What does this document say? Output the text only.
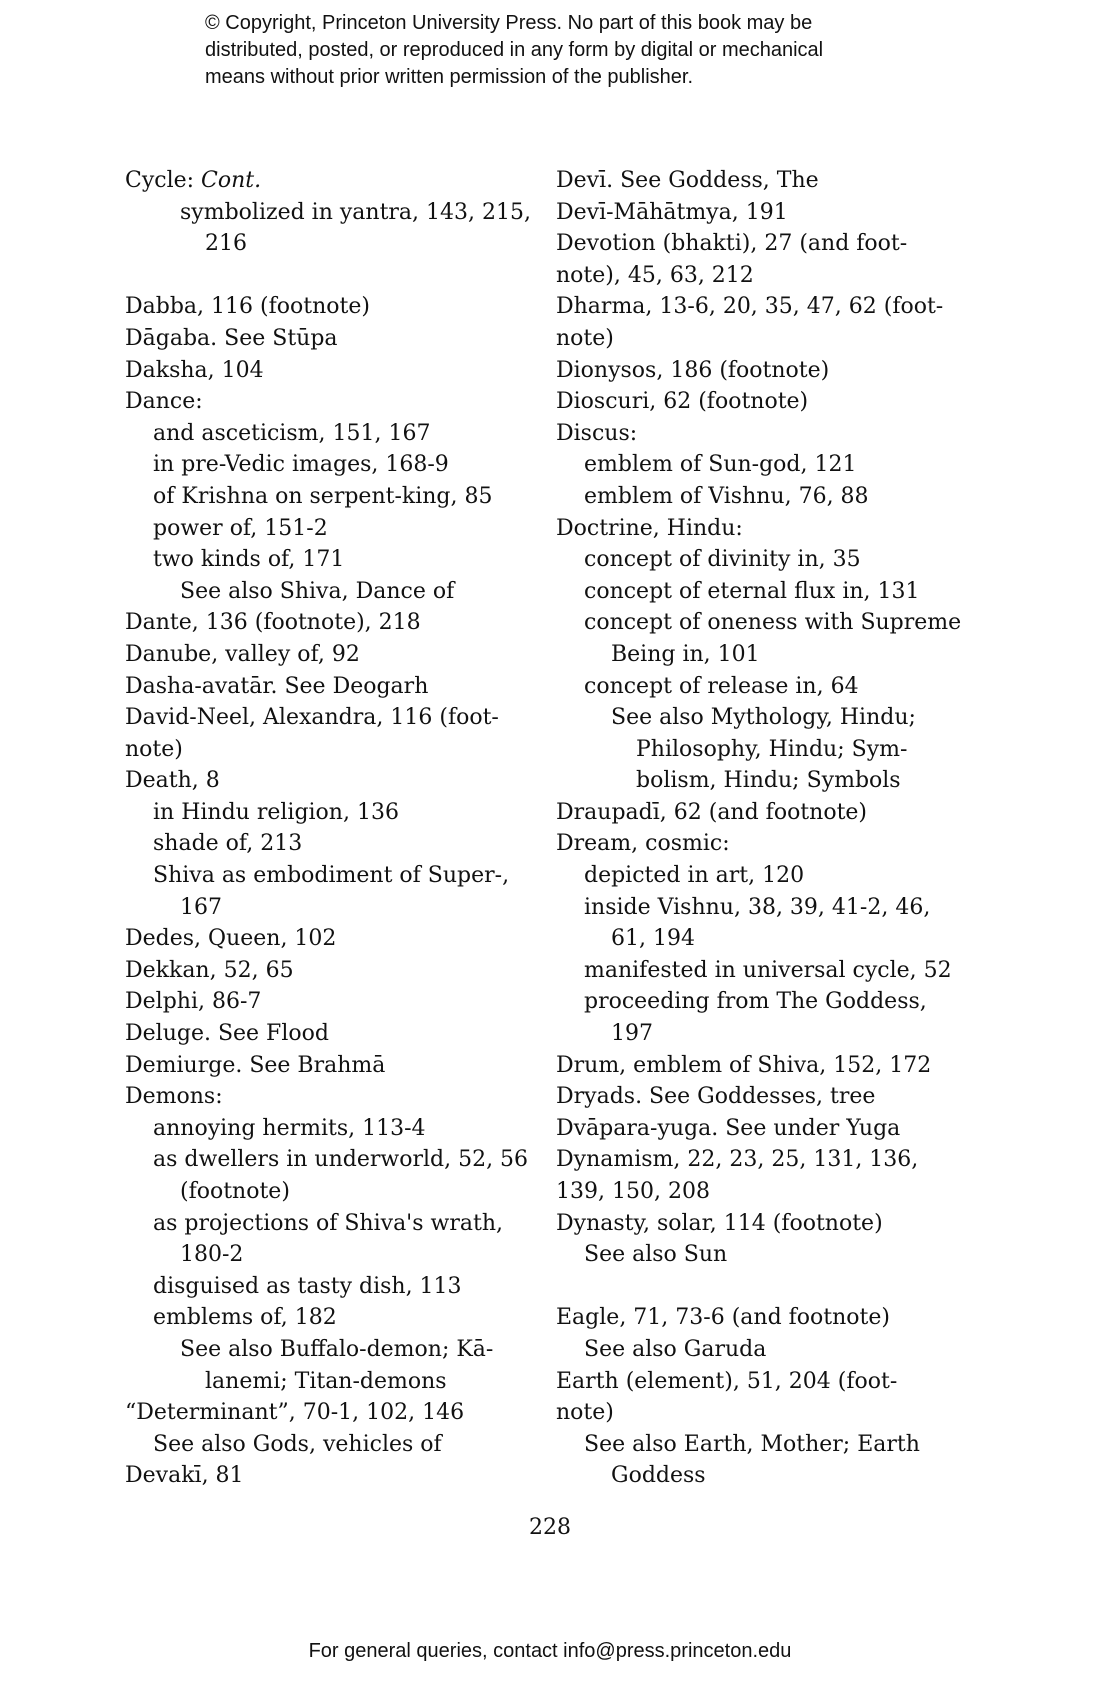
© Copyright, Princeton University Press. No part of this book may be
distributed, posted, or reproduced in any form by digital or mechanical
means without prior written permission of the publisher.
Cycle: Cont.
symbolized in yantra, 143, 215,
216
Dabba, 116 (footnote)
Dāgaba. See Stūpa
Daksha, 104
Dance:
and asceticism, 151, 167
in pre-Vedic images, 168-9
of Krishna on serpent-king, 85
power of, 151-2
two kinds of, 171
See also Shiva, Dance of
Dante, 136 (footnote), 218
Danube, valley of, 92
Dasha-avatār. See Deogarh
David-Neel, Alexandra, 116 (foot-
note)
Death, 8
in Hindu religion, 136
shade of, 213
Shiva as embodiment of Super-,
167
Dedes, Queen, 102
Dekkan, 52, 65
Delphi, 86-7
Deluge. See Flood
Demiurge. See Brahmā
Demons:
annoying hermits, 113-4
as dwellers in underworld, 52, 56
(footnote)
as projections of Shiva's wrath,
180-2
disguised as tasty dish, 113
emblems of, 182
See also Buffalo-demon; Kā-
lanemi; Titan-demons
“Determinant”, 70-1, 102, 146
See also Gods, vehicles of
Devakī, 81
Devī. See Goddess, The
Devī-Māhātmya, 191
Devotion (bhakti), 27 (and foot-
note), 45, 63, 212
Dharma, 13-6, 20, 35, 47, 62 (foot-
note)
Dionysos, 186 (footnote)
Dioscuri, 62 (footnote)
Discus:
emblem of Sun-god, 121
emblem of Vishnu, 76, 88
Doctrine, Hindu:
concept of divinity in, 35
concept of eternal flux in, 131
concept of oneness with Supreme
Being in, 101
concept of release in, 64
See also Mythology, Hindu;
Philosophy, Hindu; Sym-
bolism, Hindu; Symbols
Draupadī, 62 (and footnote)
Dream, cosmic:
depicted in art, 120
inside Vishnu, 38, 39, 41-2, 46,
61, 194
manifested in universal cycle, 52
proceeding from The Goddess,
197
Drum, emblem of Shiva, 152, 172
Dryads. See Goddesses, tree
Dvāpara-yuga. See under Yuga
Dynamism, 22, 23, 25, 131, 136,
139, 150, 208
Dynasty, solar, 114 (footnote)
See also Sun
Eagle, 71, 73-6 (and footnote)
See also Garuda
Earth (element), 51, 204 (foot-
note)
See also Earth, Mother; Earth
Goddess
228
For general queries, contact info@press.princeton.edu
